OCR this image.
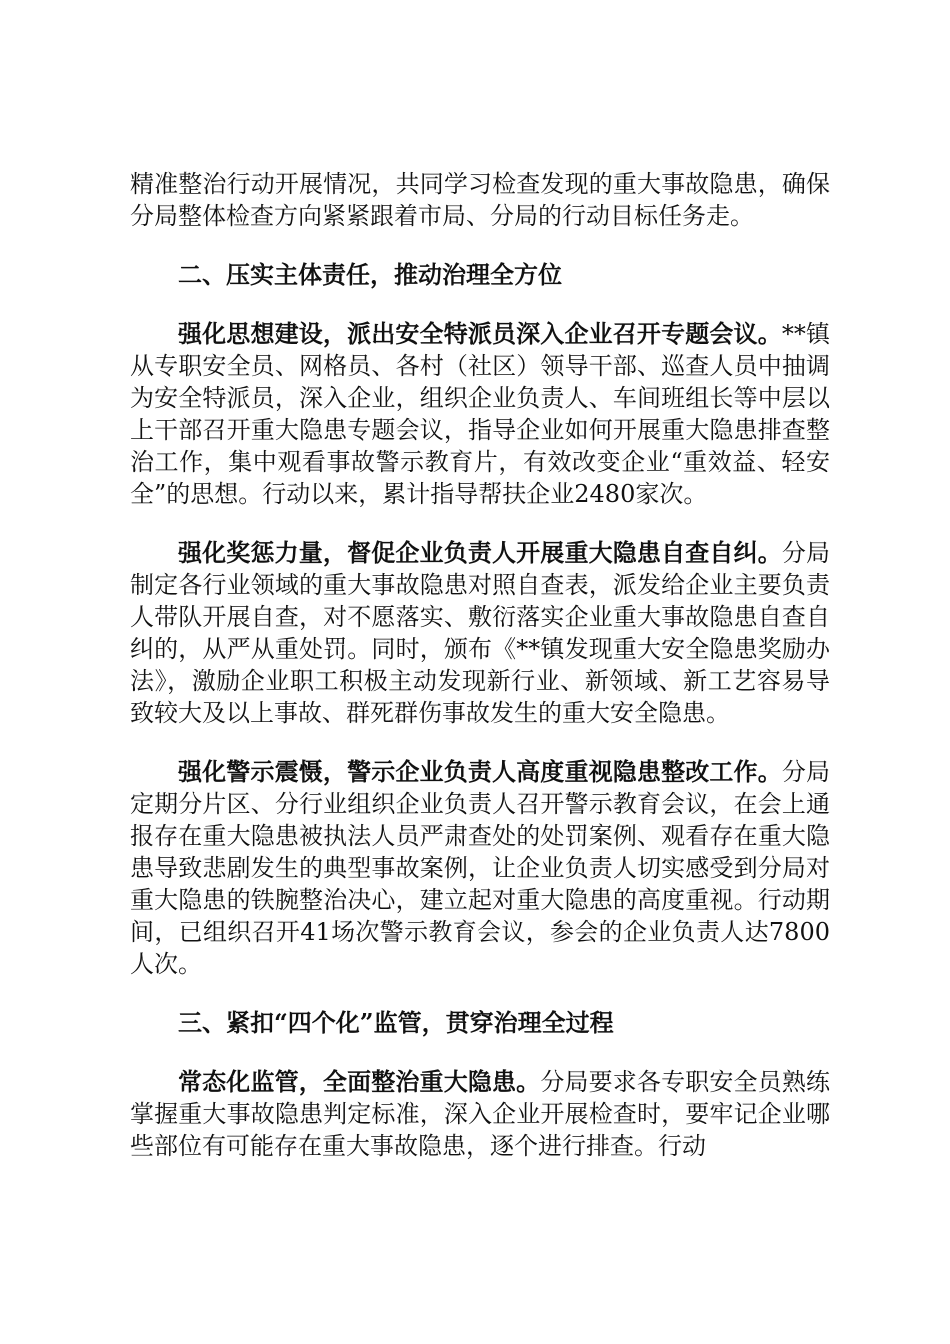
精准整治行动开展情况，共同学习检查发现的重大事故隐患，确保分局整体检查方向紧紧跟着市局、分局的行动目标任务走。

二、压实主体责任，推动治理全方位

强化思想建设，派出安全特派员深入企业召开专题会议。**镇从专职安全员、网格员、各村（社区）领导干部、巡查人员中抽调为安全特派员，深入企业，组织企业负责人、车间班组长等中层以上干部召开重大隐患专题会议，指导企业如何开展重大隐患排查整治工作，集中观看事故警示教育片，有效改变企业“重效益、轻安全”的思想。行动以来，累计指导帮扶企业2480家次。

强化奖惩力量，督促企业负责人开展重大隐患自查自纠。分局制定各行业领域的重大事故隐患对照自查表，派发给企业主要负责人带队开展自查，对不愿落实、敷衍落实企业重大事故隐患自查自纠的，从严从重处罚。同时，颁布《**镇发现重大安全隐患奖励办法》，激励企业职工积极主动发现新行业、新领域、新工艺容易导致较大及以上事故、群死群伤事故发生的重大安全隐患。

强化警示震慑，警示企业负责人高度重视隐患整改工作。分局定期分片区、分行业组织企业负责人召开警示教育会议，在会上通报存在重大隐患被执法人员严肃查处的处罚案例、观看存在重大隐患导致悲剧发生的典型事故案例，让企业负责人切实感受到分局对重大隐患的铁腕整治决心，建立起对重大隐患的高度重视。行动期间，已组织召开41场次警示教育会议，参会的企业负责人达7800人次。

三、紧扣“四个化”监管，贯穿治理全过程

常态化监管，全面整治重大隐患。分局要求各专职安全员熟练掌握重大事故隐患判定标准，深入企业开展检查时，要牢记企业哪些部位有可能存在重大事故隐患，逐个进行排查。行动
